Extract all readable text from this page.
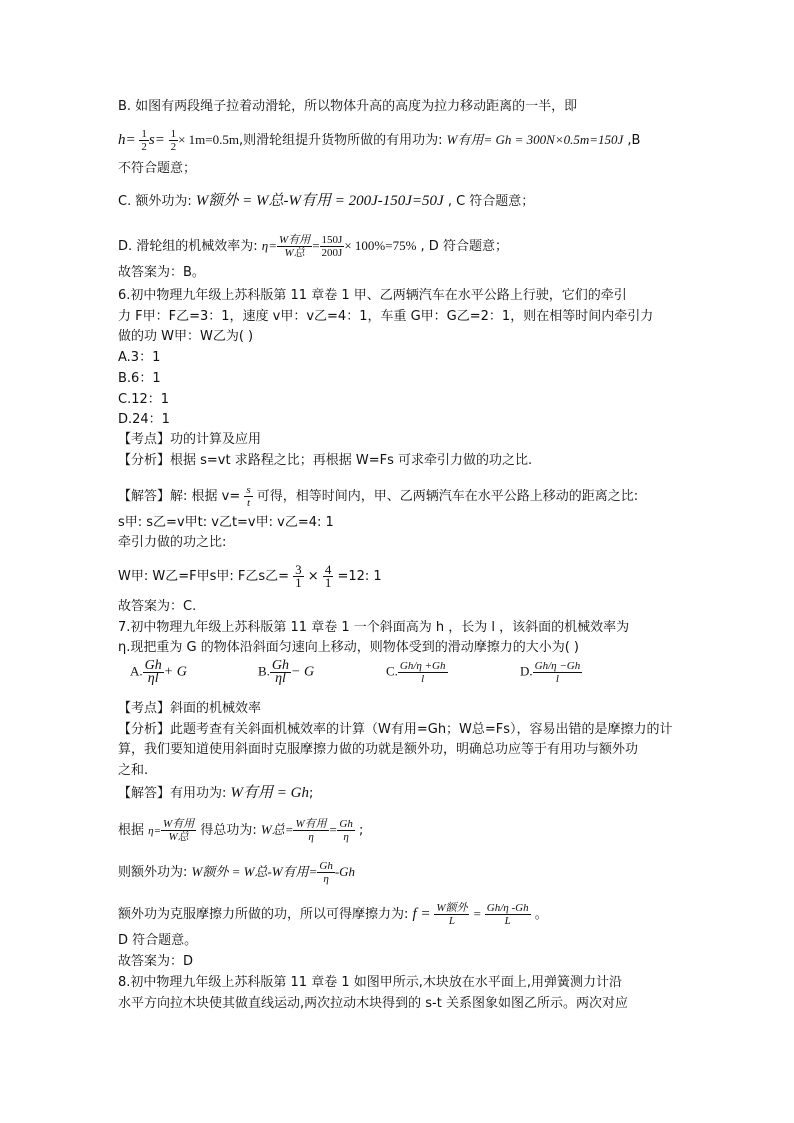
B. 如图有两段绳子拉着动滑轮，所以物体升高的高度为拉力移动距离的一半，即
$h= \frac{1}{2} s= \frac{1}{2} \times 1m=0.5m$,则滑轮组提升货物所做的有用功为: W有用= Gh = 300N×0.5m=150J ,B
不符合题意；
C. 额外功为: W额外 = W总-W有用 = 200J-150J=50J , C 符合题意；
D. 滑轮组的机械效率为: $\eta= \frac{\text{W有用}}{\text{W总}} = \frac{150J}{200J} \times 100\%=75\%$ , D 符合题意；
故答案为：B。
6.初中物理九年级上苏科版第 11 章卷 1 甲、乙两辆汽车在水平公路上行驶，它们的牵引
力 F甲：F乙=3：1，速度 v甲：v乙=4：1，车重 G甲：G乙=2：1，则在相等时间内牵引力
做的功 W甲：W乙为( )
A.3：1
B.6：1
C.12：1
D.24：1
【考点】功的计算及应用
【分析】根据 s=vt 求路程之比；再根据 W=Fs 可求牵引力做的功之比.
【解答】解: 根据 $v= \frac{s}{t}$ 可得，相等时间内，甲、乙两辆汽车在水平公路上移动的距离之比:
s甲: s乙=v甲t: v乙t=v甲: v乙=4: 1
牵引力做的功之比:
W甲: W乙=F甲s甲: F乙s乙= $\frac{3}{1} \times \frac{4}{1} =12$: 1
故答案为：C.
7.初中物理九年级上苏科版第 11 章卷 1 一个斜面高为 h ，长为 l ，该斜面的机械效率为
η.现把重为 G 的物体沿斜面匀速向上移动，则物体受到的滑动摩擦力的大小为( )
A. $\frac{Gh}{\eta l} + G$	B. $\frac{Gh}{\eta l} - G$	C. $\frac{Gh/\eta +Gh}{l}$	D. $\frac{Gh/\eta -Gh}{l}$
【考点】斜面的机械效率
【分析】此题考查有关斜面机械效率的计算（W有用=Gh；W总=Fs），容易出错的是摩擦力的计
算，我们要知道使用斜面时克服摩擦力做的功就是额外功，明确总功应等于有用功与额外功
之和.
【解答】有用功为: W有用 = Gh;
根据 $\eta= \frac{\text{W有用}}{\text{W总}}$ 得总功为: W总= $\frac{\text{W有用}}{\eta} = \frac{Gh}{\eta}$ ;
则额外功为: W额外 = W总-W有用= $\frac{Gh}{\eta} -Gh$
额外功为克服摩擦力所做的功，所以可得摩擦力为: $f = \frac{\text{W额外}}{L} = \frac{Gh/\eta -Gh}{L}$ 。
D 符合题意。
故答案为：D
8.初中物理九年级上苏科版第 11 章卷 1 如图甲所示,木块放在水平面上,用弹簧测力计沿
水平方向拉木块使其做直线运动,两次拉动木块得到的 s-t 关系图象如图乙所示。两次对应
